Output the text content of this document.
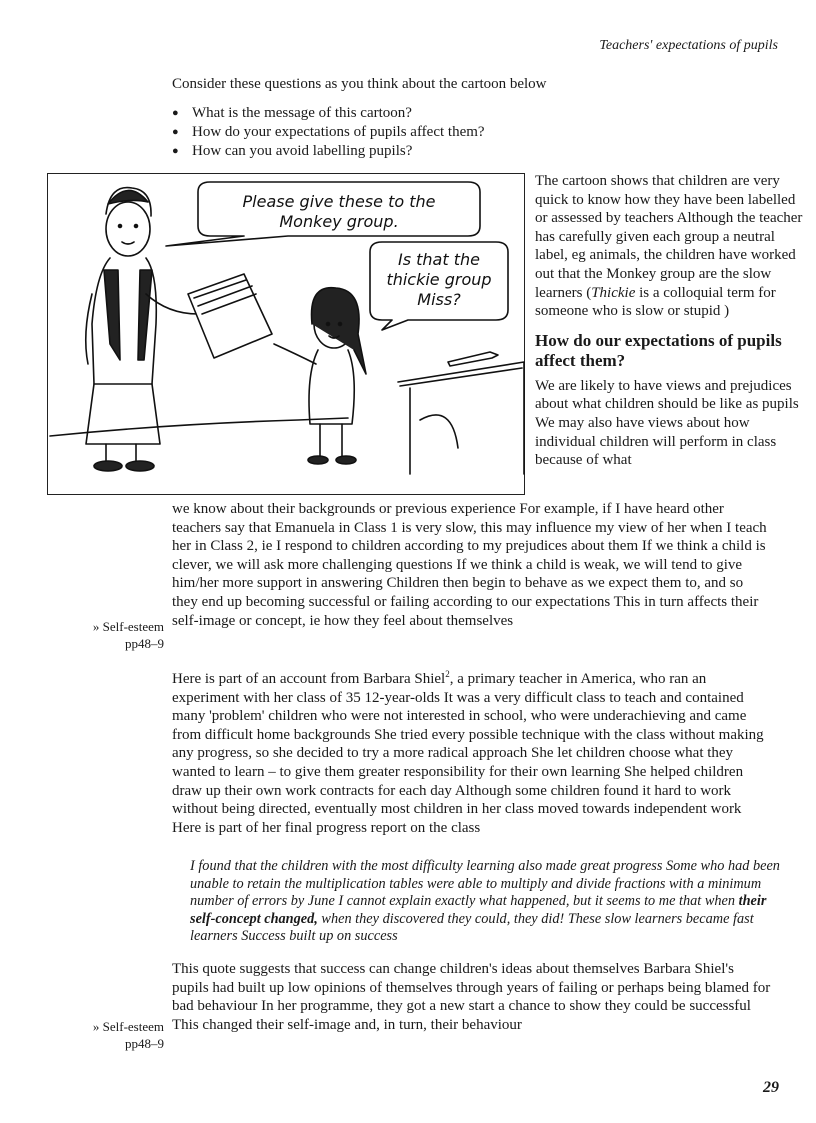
Teachers' expectations of pupils
Consider these questions as you think about the cartoon below
● What is the message of this cartoon?
● How do your expectations of pupils affect them?
● How can you avoid labelling pupils?
Please give these to the
Monkey group.
Is that the
thickie group
Miss?

The cartoon shows that children are very quick to know how they have been labelled or assessed by teachers Although the teacher has carefully given each group a neutral label, eg animals, the children have worked out that the Monkey group are the slow learners (Thickie is a colloquial term for someone who is slow or stupid )

How do our expectations of pupils affect them?

We are likely to have views and prejudices about what children should be like as pupils We may also have views about how individual children will perform in class because of what

we know about their backgrounds or previous experience For example, if I have heard other teachers say that Emanuela in Class 1 is very slow, this may influence my view of her when I teach her in Class 2, ie I respond to children according to my prejudices about them If we think a child is clever, we will ask more challenging questions If we think a child is weak, we will tend to give him/her more support in answering Children then begin to behave as we expect them to, and so they end up becoming successful or failing according to our expectations This in turn affects their self-image or concept, ie how they feel about themselves

» Self-esteem
pp48–9

Here is part of an account from Barbara Shiel$^2$, a primary teacher in America, who ran an experiment with her class of 35 12-year-olds It was a very difficult class to teach and contained many 'problem' children who were not interested in school, who were underachieving and came from difficult home backgrounds She tried every possible technique with the class without making any progress, so she decided to try a more radical approach She let children choose what they wanted to learn – to give them greater responsibility for their own learning She helped children draw up their own work contracts for each day Although some children found it hard to work without being directed, eventually most children in her class moved towards independent work Here is part of her final progress report on the class

I found that the children with the most difficulty learning also made great progress Some who had been unable to retain the multiplication tables were able to multiply and divide fractions with a minimum number of errors by June I cannot explain exactly what happened, but it seems to me that when their self-concept changed, when they discovered they could, they did! These slow learners became fast learners Success built up on success

This quote suggests that success can change children's ideas about themselves Barbara Shiel's pupils had built up low opinions of themselves through years of failing or perhaps being blamed for bad behaviour In her programme, they got a new start a chance to show they could be successful This changed their self-image and, in turn, their behaviour

» Self-esteem
pp48–9
29
